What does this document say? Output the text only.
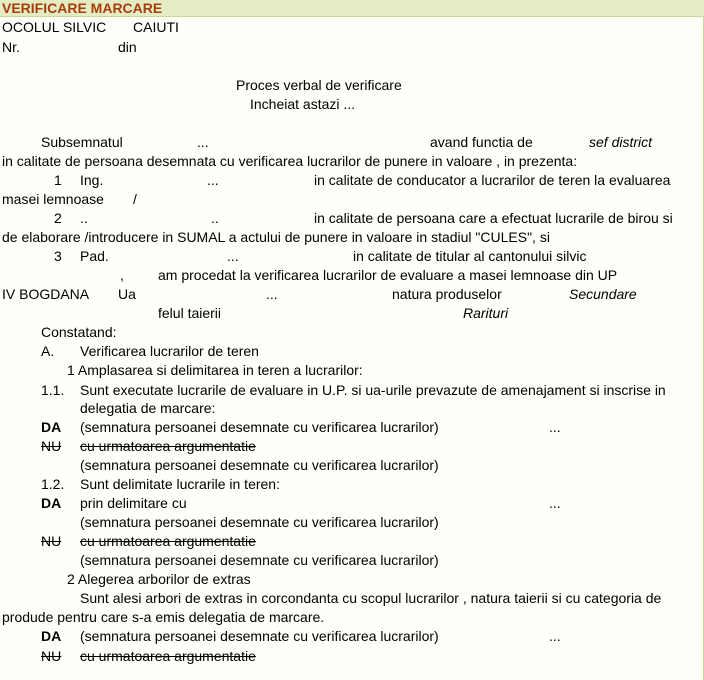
VERIFICARE MARCARE
OCOLUL SILVIC CAIUTI
Nr.	din
Proces verbal de verificare
Incheiat astazi ...
Subsemnatul	...	avand functia de	sef district
in calitate de persoana desemnata cu verificarea lucrarilor de punere in valoare , in prezenta:
1 Ing.	...	in calitate de conducator a lucrarilor de teren la evaluarea
masei lemnoase /
2 ..	..	in calitate de persoana care a efectuat lucrarile de birou si
de elaborare /introducere in SUMAL a actului de punere in valoare in stadiul "CULES", si
3 Pad.	...	in calitate de titular al cantonului silvic
, am procedat la verificarea lucrarilor de evaluare a masei lemnoase din UP
IV BOGDANA Ua	...	natura produselor	Secundare
felul taierii	Rarituri
Constatand:
A. Verificarea lucrarilor de teren
1 Amplasarea si delimitarea in teren a lucrarilor:
1.1. Sunt executate lucrarile de evaluare in U.P. si ua-urile prevazute de amenajament si inscrise in
delegatia de marcare:
DA (semnatura persoanei desemnate cu verificarea lucrarilor)	...
NU cu urmatoarea argumentatie
(semnatura persoanei desemnate cu verificarea lucrarilor)
1.2. Sunt delimitate lucrarile in teren:
DA prin delimitare cu	...
(semnatura persoanei desemnate cu verificarea lucrarilor)
NU cu urmatoarea argumentatie
(semnatura persoanei desemnate cu verificarea lucrarilor)
2 Alegerea arborilor de extras
Sunt alesi arbori de extras in corcondanta cu scopul lucrarilor , natura taierii si cu categoria de
produde pentru care s-a emis delegatia de marcare.
DA (semnatura persoanei desemnate cu verificarea lucrarilor)	...
NU cu urmatoarea argumentatie
